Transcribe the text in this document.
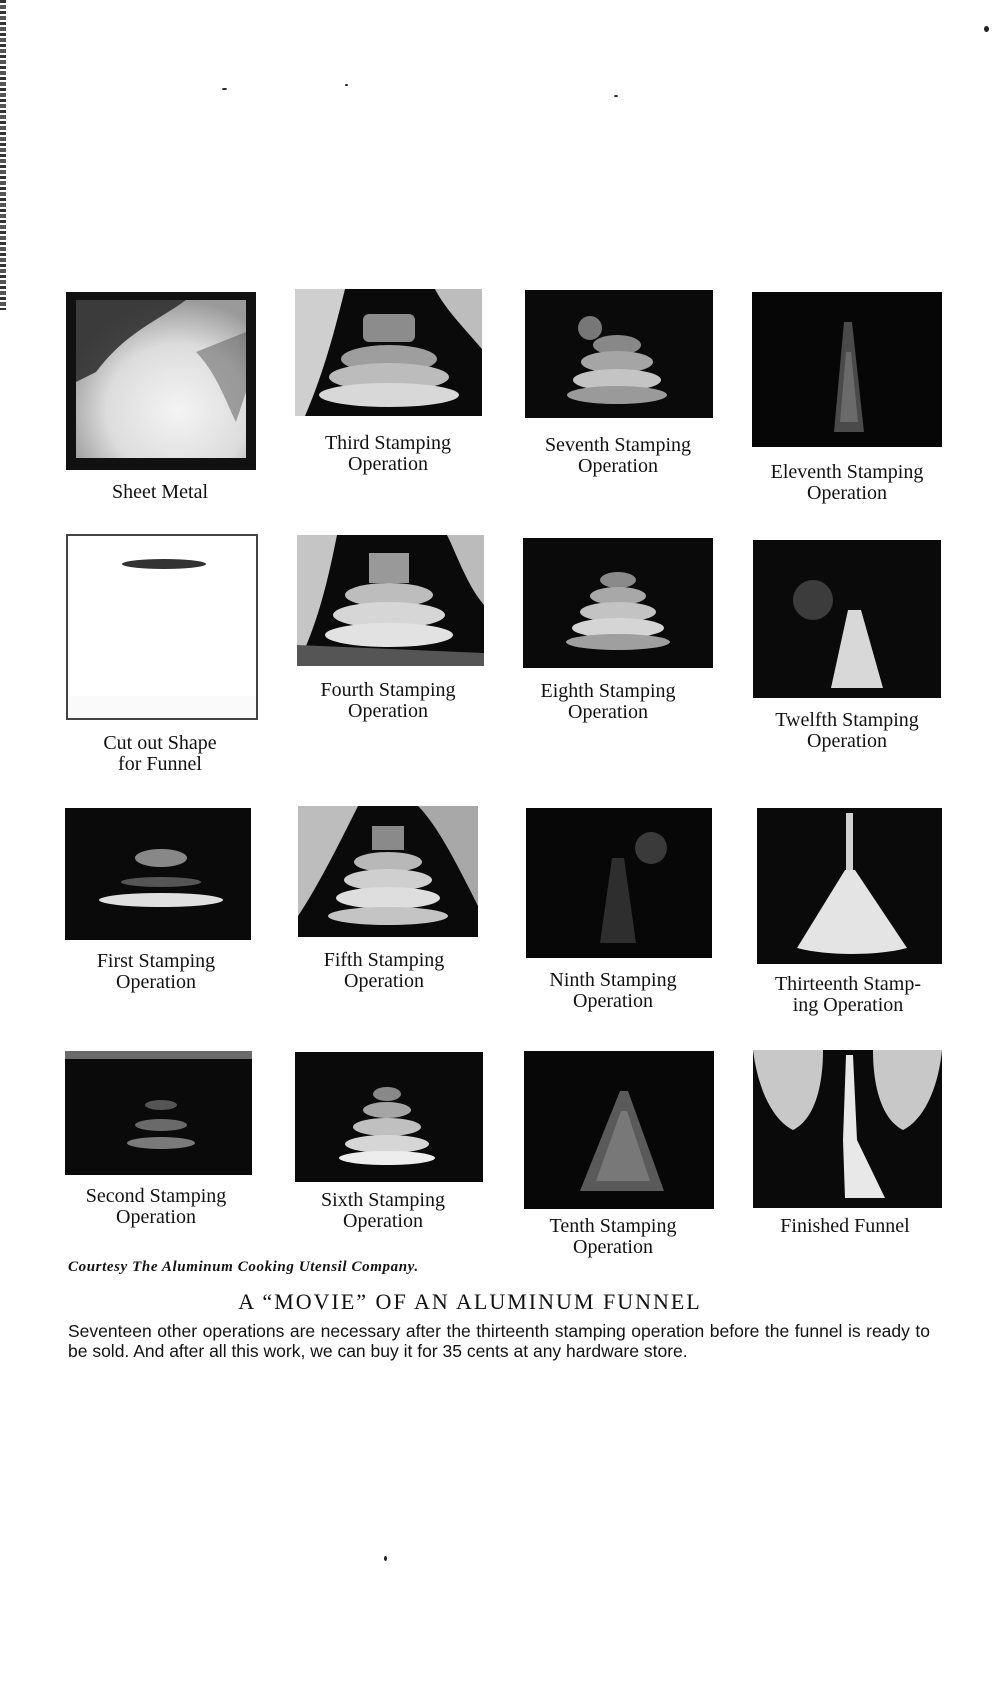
Sheet Metal
Third Stamping
Operation
Seventh Stamping
Operation	Eleventh Stamping
Operation
Cut out Shape
for Funnel
Fourth Stamping
Operation
Eighth Stamping
Operation	Twelfth Stamping
Operation
First Stamping
Operation
Fifth Stamping
Operation	Ninth Stamping
Operation
Thirteenth Stamp-
ing Operation
Second Stamping
Operation
Sixth Stamping
Operation	Tenth Stamping
Operation
Finished Funnel
Courtesy The Aluminum Cooking Utensil Company.
A “MOVIE” OF AN ALUMINUM FUNNEL
Seventeen other operations are necessary after the thirteenth stamping operation before the funnel is ready to be sold. And after all this work, we can buy it for 35 cents at any hardware store.
